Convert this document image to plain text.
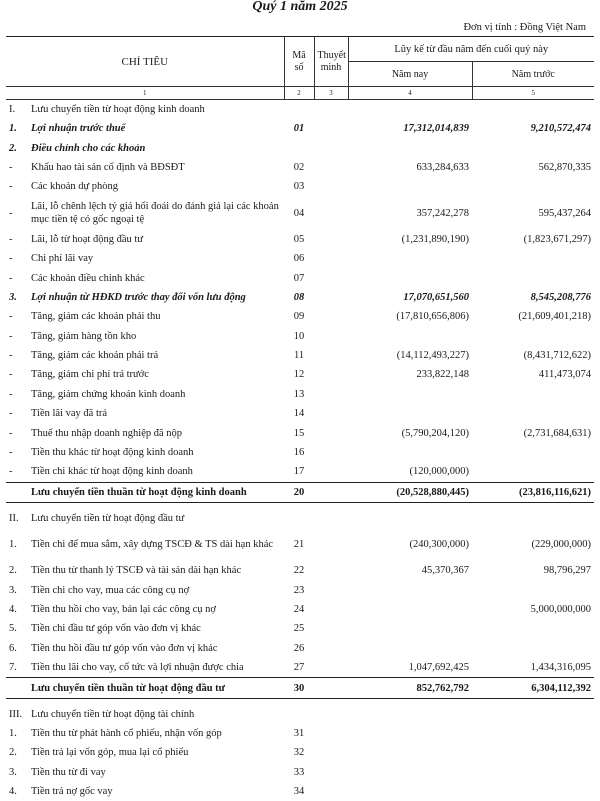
Quý 1 năm 2025
Đơn vị tính : Đồng Việt Nam
CHỈ TIÊU		Mã số	Thuyết minh	Lũy kế từ đầu năm đến cuối quý này	
				Năm nay	Năm trước
1		2	3	4	5
I.	Lưu chuyển tiền từ hoạt động kinh doanh				
1.	Lợi nhuận trước thuế	01		17,312,014,839	9,210,572,474
2.	Điều chỉnh cho các khoản				
-	Khấu hao tài sản cố định và BĐSĐT	02		633,284,633	562,870,335
-	Các khoản dự phòng	03			
-	Lãi, lỗ chênh lệch tỷ giá hối đoái do đánh giá lại các khoản mục tiền tệ có gốc ngoại tệ	04		357,242,278	595,437,264
-	Lãi, lỗ từ hoạt động đầu tư	05		(1,231,890,190)	(1,823,671,297)
-	Chi phí lãi vay	06			
-	Các khoản điều chỉnh khác	07			
3.	Lợi nhuận từ HĐKD trước thay đổi vốn lưu động	08		17,070,651,560	8,545,208,776
-	Tăng, giảm các khoản phải thu	09		(17,810,656,806)	(21,609,401,218)
-	Tăng, giảm hàng tồn kho	10			
-	Tăng, giảm các khoản phải trả	11		(14,112,493,227)	(8,431,712,622)
-	Tăng, giảm chi phí trả trước	12		233,822,148	411,473,074
-	Tăng, giảm chứng khoán kinh doanh	13			
-	Tiền lãi vay đã trả	14			
-	Thuế thu nhập doanh nghiệp đã nộp	15		(5,790,204,120)	(2,731,684,631)
-	Tiền thu khác từ hoạt động kinh doanh	16			
-	Tiền chi khác từ hoạt động kinh doanh	17		(120,000,000)	
	Lưu chuyển tiền thuần từ hoạt động kinh doanh	20		(20,528,880,445)	(23,816,116,621)

II.	Lưu chuyển tiền từ hoạt động đầu tư				
1.	Tiền chi để mua sắm, xây dựng TSCĐ & TS dài hạn khác	21		(240,300,000)	(229,000,000)
2.	Tiền thu từ thanh lý TSCĐ và tài sản dài hạn khác	22		45,370,367	98,796,297
3.	Tiền chi cho vay, mua các công cụ nợ	23			
4.	Tiền thu hồi cho vay, bán lại các công cụ nợ	24			5,000,000,000
5.	Tiền chi đầu tư góp vốn vào đơn vị khác	25			
6.	Tiền thu hồi đầu tư góp vốn vào đơn vị khác	26			
7.	Tiền thu lãi cho vay, cổ tức và lợi nhuận được chia	27		1,047,692,425	1,434,316,095
	Lưu chuyển tiền thuần từ hoạt động đầu tư	30		852,762,792	6,304,112,392

III.	Lưu chuyển tiền từ hoạt động tài chính				
1.	Tiền thu từ phát hành cổ phiếu, nhận vốn góp	31			
2.	Tiền trả lại vốn góp, mua lại cổ phiếu	32			
3.	Tiền thu từ đi vay	33			
4.	Tiền trả nợ gốc vay	34			
